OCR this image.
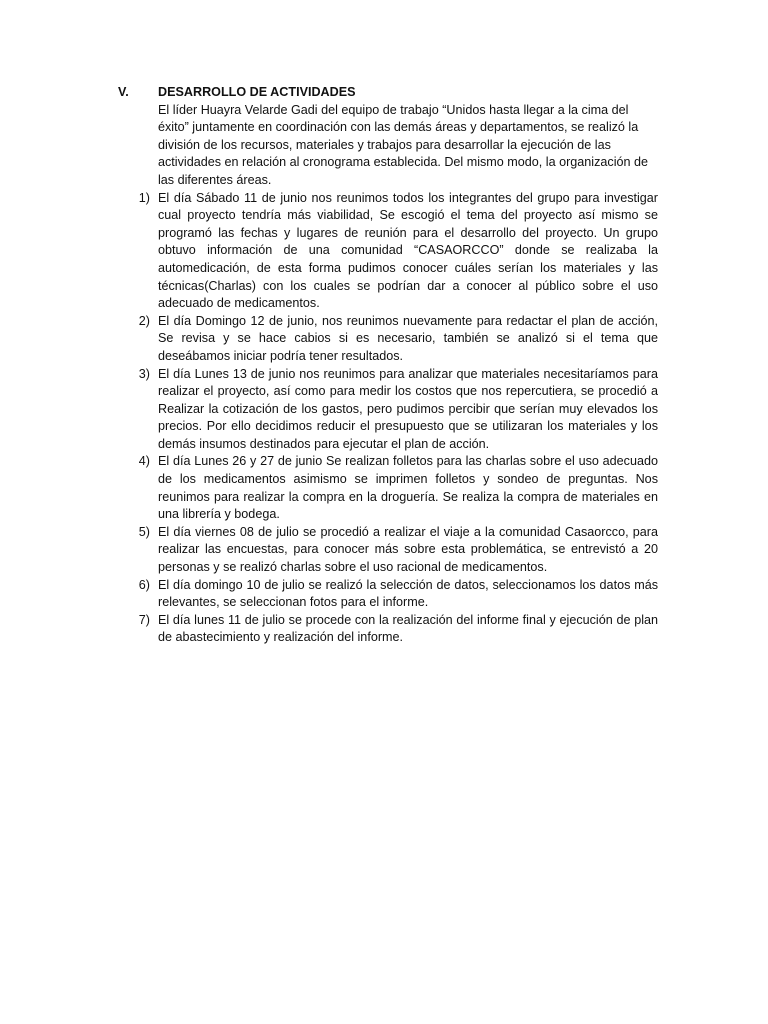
V.	DESARROLLO DE ACTIVIDADES
El líder Huayra Velarde Gadi del equipo de trabajo “Unidos hasta llegar a la cima del éxito” juntamente en coordinación con las demás áreas y departamentos, se realizó la división de los recursos, materiales y trabajos para desarrollar la ejecución de las actividades en relación al cronograma establecida. Del mismo modo, la organización de las diferentes áreas.
1) El día Sábado 11 de junio nos reunimos todos los integrantes del grupo para investigar cual proyecto tendría más viabilidad, Se escogió el tema del proyecto así mismo se programó las fechas y lugares de reunión para el desarrollo del proyecto. Un grupo obtuvo información de una comunidad “CASAORCCO” donde se realizaba la automedicación, de esta forma pudimos conocer cuáles serían los materiales y las técnicas(Charlas) con los cuales se podrían dar a conocer al público sobre el uso adecuado de medicamentos.
2) El día Domingo 12 de junio, nos reunimos nuevamente para redactar el plan de acción, Se revisa y se hace cabios si es necesario, también se analizó si el tema que deseábamos iniciar podría tener resultados.
3) El día Lunes 13 de junio nos reunimos para analizar que materiales necesitaríamos para realizar el proyecto, así como para medir los costos que nos repercutiera, se procedió a Realizar la cotización de los gastos, pero pudimos percibir que serían muy elevados los precios. Por ello decidimos reducir el presupuesto que se utilizaran los materiales y los demás insumos destinados para ejecutar el plan de acción.
4) El día Lunes 26 y 27 de junio Se realizan folletos para las charlas sobre el uso adecuado de los medicamentos asimismo se imprimen folletos y sondeo de preguntas. Nos reunimos para realizar la compra en la droguería. Se realiza la compra de materiales en una librería y bodega.
5) El día viernes 08 de julio se procedió a realizar el viaje a la comunidad Casaorcco, para realizar las encuestas, para conocer más sobre esta problemática, se entrevistó a 20 personas y se realizó charlas sobre el uso racional de medicamentos.
6) El día domingo 10 de julio se realizó la selección de datos, seleccionamos los datos más relevantes, se seleccionan fotos para el informe.
7) El día lunes 11 de julio se procede con la realización del informe final y ejecución de plan de abastecimiento y realización del informe.
